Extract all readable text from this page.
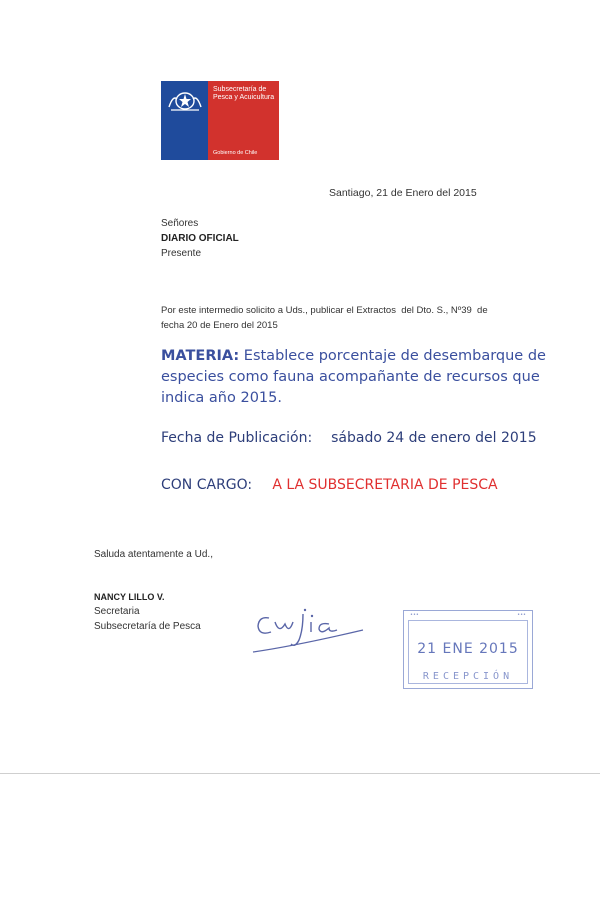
Subsecretaría de Pesca y Acuicultura
Gobierno de Chile
Santiago, 21 de Enero del 2015
Señores
DIARIO OFICIAL
Presente
Por este intermedio solicito a Uds., publicar el Extractos  del Dto. S., Nº39  de
fecha 20 de Enero del 2015
MATERIA: Establece porcentaje de desembarque de
especies como fauna acompañante de recursos que
indica año 2015.
Fecha de Publicación: sábado 24 de enero del 2015
CON CARGO: A LA SUBSECRETARIA DE PESCA
Saluda atentamente a Ud.,
NANCY LILLO V.
Secretaria
Subsecretaría de Pesca
•••	•••
21 ENE 2015
RECEPCIÓN
